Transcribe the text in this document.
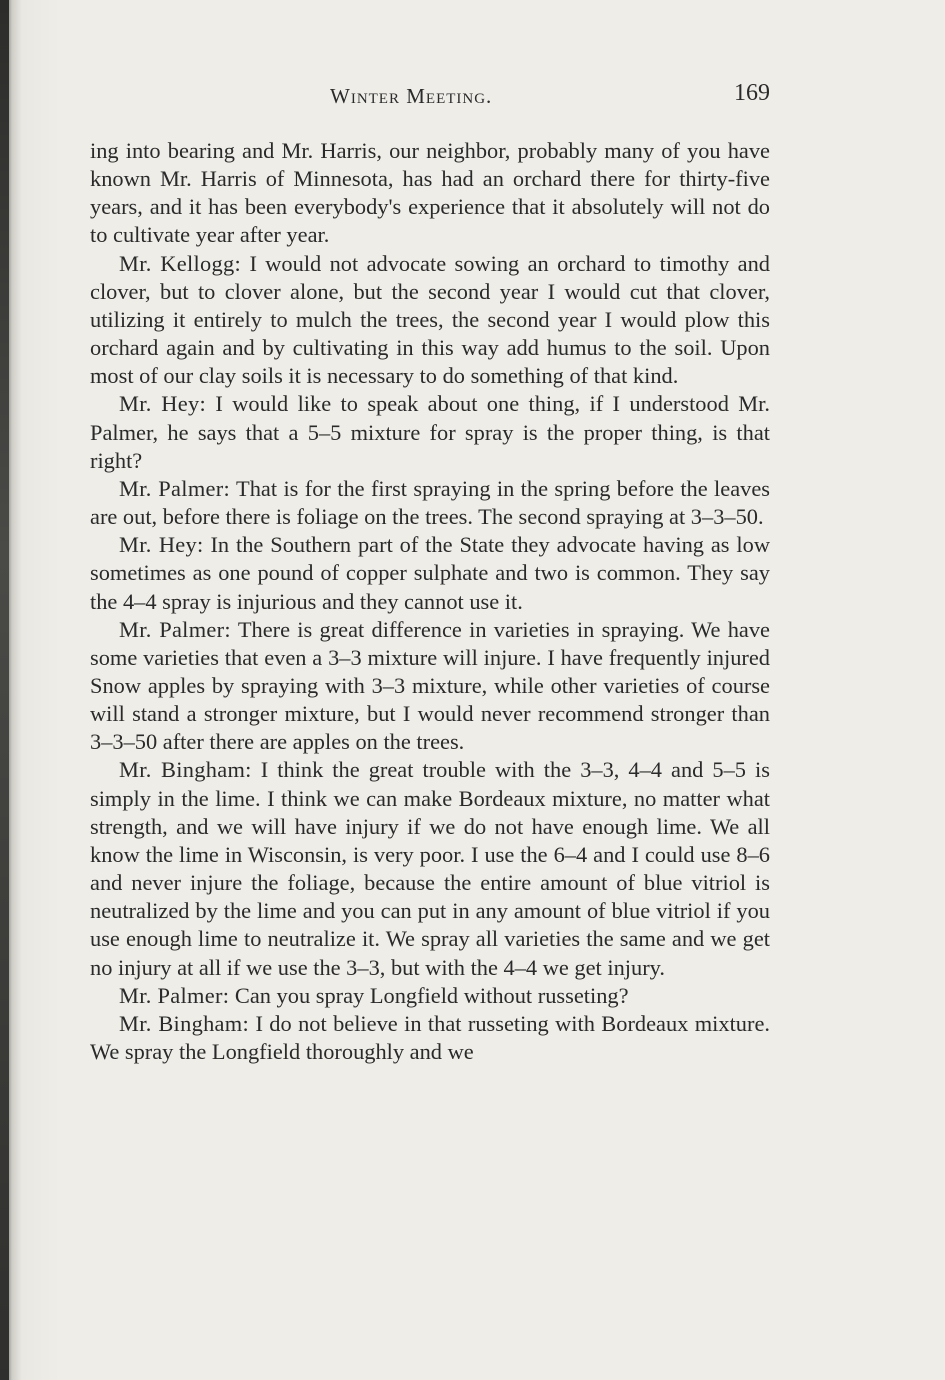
Winter Meeting.	169

ing into bearing and Mr. Harris, our neighbor, probably many of you have known Mr. Harris of Minnesota, has had an orchard there for thirty-five years, and it has been everybody's experience that it absolutely will not do to cultivate year after year.

Mr. Kellogg: I would not advocate sowing an orchard to timothy and clover, but to clover alone, but the second year I would cut that clover, utilizing it entirely to mulch the trees, the second year I would plow this orchard again and by cultivating in this way add humus to the soil. Upon most of our clay soils it is necessary to do something of that kind.

Mr. Hey: I would like to speak about one thing, if I understood Mr. Palmer, he says that a 5–5 mixture for spray is the proper thing, is that right?

Mr. Palmer: That is for the first spraying in the spring before the leaves are out, before there is foliage on the trees. The second spraying at 3–3–50.

Mr. Hey: In the Southern part of the State they advocate having as low sometimes as one pound of copper sulphate and two is common. They say the 4–4 spray is injurious and they cannot use it.

Mr. Palmer: There is great difference in varieties in spraying. We have some varieties that even a 3–3 mixture will injure. I have frequently injured Snow apples by spraying with 3–3 mixture, while other varieties of course will stand a stronger mixture, but I would never recommend stronger than 3–3–50 after there are apples on the trees.

Mr. Bingham: I think the great trouble with the 3–3, 4–4 and 5–5 is simply in the lime. I think we can make Bordeaux mixture, no matter what strength, and we will have injury if we do not have enough lime. We all know the lime in Wisconsin, is very poor. I use the 6–4 and I could use 8–6 and never injure the foliage, because the entire amount of blue vitriol is neutralized by the lime and you can put in any amount of blue vitriol if you use enough lime to neutralize it. We spray all varieties the same and we get no injury at all if we use the 3–3, but with the 4–4 we get injury.

Mr. Palmer: Can you spray Longfield without russeting?

Mr. Bingham: I do not believe in that russeting with Bordeaux mixture. We spray the Longfield thoroughly and we
